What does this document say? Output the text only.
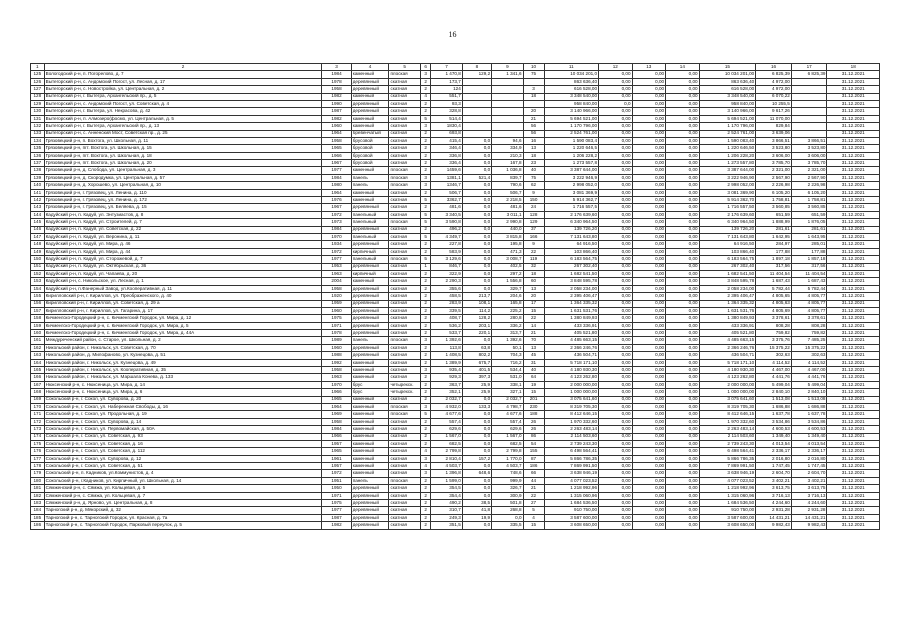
16
1	2	3	4	5	6	7	8	9	10	11	12	13	14	15	16	17	18
125	Вологодский р-н, п. Погорелово, д. 7	1984	каменный	плоская	3	1 470,8	129,2	1 341,6	75	10 034 201,0	0,00	0,00	0,00	10 034 201,00	6 825,39	6 825,39	31.12.2021
126	Вытегорский р-н, с. Андомский Погост, ул. Лесная, д. 17	1978	деревянный	скатная	2	173,7				863 636,40	0,00	0,00	0,00	863 636,40	4 972,00		31.12.2021
127	Вытегорский р-н, с. Новостройка, ул. Центральная, д. 2	1958	деревянный	скатная	2	124			3	616 528,00	0,00	0,00	0,00	616 528,00	4 972,00		31.12.2021
128	Вытегорский р-н, г. Вытегра, Архангельский пр., д. 5	1982	каменный	скатная	4	551,7			18	3 348 540,00	0,00	0,00	0,00	3 348 540,00	6 070,22		31.12.2021
129	Вытегорский р-н, с. Андомский Погост, ул. Советская, д. 4	1990	деревянный	скатная	2	93,3				958 840,00	0,0	0,00	0,00	958 840,00	10 255,5		31.12.2021
130	Вытегорский р-н, г. Вытегра, ул. Некрасова, д. 42	1987	деревянный	скатная	2	328,8			20	3 140 966,00	0,00	0,00	0,00	3 140 966,00	9 617,26		31.12.2021
131	Вытегорский р-н, п. Алмозеро(фосмо, ул. Центральная, д. 5	1982	каменный	скатная	5	514,4			21	5 694 521,00	0,00	0,00	0,00	5 694 521,00	11 070,00		31.12.2021
132	Вытегорский р-н, г. Вытегра, Архангельский пр., д. 13	1960	каменный	скатная	3	1830,4			56	1 170 796,00	0,00	0,00	0,00	1 170 796,00	829,84		31.12.2021
133	Вытегорский р-н, с. Анненский Мост, Советская пр., д. 25	1964	бревенчатый	скатная	2	693,8			56	2 524 761,00	0,00	0,00	0,00	2 524 761,00	3 639,06		31.12.2021
134	Грязовецкий р-н, п. Вохтога, ул. Школьная, д. 11	1958	брусовой	скатная	2	415,4	0,0	94,6	16	1 590 083,4	0,00	0,00	0,00	1 590 083,40	3 866,51	3 866,51	31.12.2021
135	Грязовецкий р-н, пгт. Вохтога, ул. Школьная, д. 15	1965	брусовой	скатная	2	346,4	0,0	334,9	13	1 220 646,5	0,00	0,00	0,00	1 220 646,50	3 523,80	3 523,80	31.12.2021
136	Грязовецкий р-н, пгт. Вохтога, ул. Школьная, д. 18	1966	брусовой	скатная	2	336,8	0,0	210,3	18	1 206 228,2	0,00	0,00	0,00	1 206 228,20	3 606,00	3 606,00	31.12.2021
137	Грязовецкий р-н, пгт. Вохтога, ул. Школьная, д. 20	1967	брусовой	скатная	2	336,4	0,0	167,8	23	1 273 557,8	0,00	0,00	0,00	1 273 557,80	3 785,70	3 785,70	31.12.2021
138	Грязовецкий р-н, д. Слобода, ул. Центральная, д. 3	1977	каменный	плоская	2	1459,6	0,0	1 036,8	40	3 387 644,00	0,00	0,00	0,00	3 387 644,00	2 321,00	2 321,00	31.12.2021
139	Грязовецкий р-н, д. Скородумка, ул. Центральная, д. 57	1984	панель	плоская	3	1381,1	521,4	839,7	75	3 222 946,9	0,00	0,00	0,00	3 222 946,90	2 567,90	2 567,90	31.12.2021
140	Грязовецкий р-н, д. Хорошево, ул. Центральная, д. 10	1980	панель	плоская	3	1346,7	0,0	790,6	62	2 998 052,0	0,00	0,00	0,00	2 998 052,00	2 226,98	2 226,98	31.12.2021
141	Грязовецкий р-н, г. Грязовец, ул. Ленина, д. 110	1964	каменный	скатная	2	506,7	0,0	506,7	9	3 081 369,9	0,00	0,00	0,00	3 081 369,90	6 105,20	6 105,20	31.12.2021
142	Грязовецкий р-н, г. Грязовец, ул. Ленина, д. 172	1976	каменный	скатная	5	3362,7	0,0	2 218,5	150	5 914 362,7	0,00	0,00	0,00	5 914 362,70	1 758,81	1 758,81	31.12.2021
143	Грязовецкий р-н, г. Грязовец, ул. Беляева, д. 15	1967	деревянный	скатная	2	481,6	0,0	481,6	24	1 716 557,5	0,00	0,00	0,00	1 716 557,50	3 560,85	3 560,85	31.12.2021
144	Кадуйский р-н, п. Кадуй, ул. Энтузиастов, д. 8	1972	панельный	скатная	5	3 340,5	0,0	3 011,1	128	2 176 639,60	0,00	0,00	0,00	2 176 639,60	651,59	651,59	31.12.2021
145	Кадуйский р-н, п. Кадуй, ул. Строителей, д. 7	1973	панельный	плоская	5	3 590,8	0,0	2 990,8	129	6 340 964,50	0,00	0,00	0,00	6 340 964,50	1 888,99	1 876,05	31.12.2021
146	Кадуйский р-н, п. Кадуй, ул. Советская, д. 22	1984	деревянный	скатная	2	496,2	0,0	440,0	37	139 726,20	0,00	0,00	0,00	139 726,20	281,61	281,61	31.12.2021
147	Кадуйский р-н, п. Кадуй, ул. Веронина, д. 11	1970	панельный	скатная	5	4 349,7	0,0	3 815,8	166	7 131 643,80	0,00	0,00	0,00	7 131 643,80	1 642,95	1 643,95	31.12.2021
148	Кадуйский р-н, п. Кадуй, ул. Мира, д. 46	1934	деревянный	скатная	2	227,8	0,0	195,8	9	64 916,50	0,00	0,00	0,00	64 916,50	284,97	285,01	31.12.2021
149	Кадуйский р-н, п. Кадуй, ул. Мира, д. 44	1972	кирпичный	скатная	2	583,9	0,0	471,3	22	103 866,40	0,00	0,00	0,00	103 866,40	177,88	177,88	31.12.2021
150	Кадуйский р-н, п. Кадуй, ул. Сторожевой, д. 7	1977	панельный	плоская	5	3 129,6	0,0	3 008,7	119	6 183 564,75	0,00	0,00	0,00	6 183 564,75	1 897,18	1 857,18	31.12.2021
151	Кадуйский р-н, п. Кадуй, ул. Октябрьская, д. 36	1953	деревянный	скатная	1	846,7	0,0	402,5	32	267 302,40	0,00	0,00	0,00	267 302,40	317,56	317,56	31.12.2021
152	Кадуйский р-н, п. Кадуй, ул. Чапаева, д. 20	1963	кирпичный	скатная	2	322,9	0,0	297,2	18	1 682 541,50	0,00	0,00	0,00	1 682 541,50	11 404,54	11 404,54	31.12.2021
153	Кадуйский р-н, с. Никольское, ул. Лесная, д. 1	2004	каменный	скатная	2	2 290,3	0,0	1 556,8	60	3 848 595,78	0,00	0,00	0,00	3 848 595,78	1 687,43	1 687,43	31.12.2021
154	Кадуйский р-н, п.Фанерный Завод, ул.Кооперативная, д. 11	1958	деревянный	скатная	2	355,6	0,0	329,7	13	2 058 234,00	0,00	0,00	0,00	2 058 234,00	5 782,44	5 782,44	31.12.2021
155	Кирилловский р-н, г. Кириллов, ул. Преображенского, д. 40	1920	деревянный	скатная	2	458,5	213,7	204,6	20	2 395 406,47	0,00	0,00	0,00	2 395 406,47	4 805,65	4 805,77	31.12.2021
156	Кирилловский р-н, г. Кириллов, ул. Советская, д. 29 а	1959	деревянный	скатная	2	283,9	108,1	165,8	17	1 364 335,32	0,00	0,00	0,00	1 364 335,32	4 805,63	4 805,77	31.12.2021
157	Кирилловский р-н, г. Кириллов, ул. Гагарина, д. 17	1960	деревянный	скатная	2	339,5	114,2	225,2	15	1 631 531,76	0,00	0,00	0,00	1 631 531,76	4 805,69	4 805,77	31.12.2021
158	Кичменгско-Городецкий р-н, с. Кичменгский Городок, ул. Мира, д. 12	1975	деревянный	скатная	2	408,7	128,2	280,8	22	1 380 849,93	0,00	0,00	0,00	1 380 849,93	3 378,61	3 378,61	31.12.2021
159	Кичменгско-Городецкий р-н, с. Кичменгский Городок, ул. Мира, д. 5	1971	деревянный	скатная	2	536,2	203,1	336,2	14	433 336,91	0,00	0,00	0,00	433 336,91	808,28	808,28	31.12.2021
160	Кичменгско-Городецкий р-н, с. Кичменгский Городок, ул. Мира, д. 44А	1978	деревянный	скатная	2	533,7	220,1	313,7	21	405 521,80	0,00	0,00	0,00	405 521,80	759,82	759,82	31.12.2021
161	Междуреченский район, с. Старое, ул. Школьная, д. 2	1989	панель	плоская	3	1 392,6	0,0	1 392,6	70	4 485 663,15	0,00	0,00	0,00	4 485 663,15	3 375,76	7 485,25	31.12.2021
162	Никольский район, г. Никольск, ул. Советская, д. 70	1960	деревянный	скатная	2	113,8	63,8	50,1	13	2 366 246,76	0,00	0,00	0,00	2 366 246,76	15 375,22	15 375,22	31.12.2021
163	Никольский район, д. Милофаново, ул. Кузнецова, д. 51	1988	деревянный	скатная	2	1 408,5	802,2	704,3	45	436 504,71	0,00	0,00	0,00	436 504,71	302,63	302,63	31.12.2021
164	Никольский район, г. Никольск, ул. Кузнецова, д. 49	1992	каменный	скатная	2	1 389,9	675,7	716,2	31	5 718 171,10	0,00	0,00	0,00	5 718 171,10	4 114,52	4 114,52	31.12.2021
165	Никольский район, г. Никольск, ул. Кооперативная, д. 35	1958	каменный	скатная	3	935,4	401,5	534,4	40	4 180 930,30	0,00	0,00	0,00	4 180 930,30	4 467,00	4 467,00	31.12.2021
166	Никольский район, г. Никольск, ул. Маршала Конева, д. 133	1963	каменный	скатная	2	929,3	397,3	531,0	64	4 123 262,80	0,00	0,00	0,00	4 123 262,80	4 441,76	4 441,76	31.12.2021
167	Нюксенский р-н, с. Нюксеница, ул. Мира, д. 14	1970	брус	четырехск.	2	363,7	25,9	338,1	19	2 000 000,00	0,00	0,00	0,00	2 000 000,00	5 499,04	5 499,04	31.12.2021
168	Нюксенский р-н, с. Нюксеница, ул. Мира, д. 6	1966	брус	четырехск.	2	352,1	25,9	327,1	15	1 000 000,00	0,00	0,00	0,00	1 000 000,00	2 840,10	2 840,10	31.12.2021
169	Сокольский р-н, г. Сокол, ул. Суворова, д. 20	1965	каменный	скатная	2	2 032,7	0,0	2 032,7	201	3 075 641,60	0,00	0,00	0,00	3 075 641,60	1 513,08	1 513,08	31.12.2021
170	Сокольский р-н, г. Сокол, ул. Набережная Свободы, д. 16	1964	каменный	плоская	3	4 932,0	133,3	4 798,7	230	8 319 705,30	0,00	0,00	0,00	8 319 705,30	1 686,88	1 686,88	31.12.2021
171	Сокольский р-н, г. Сокол, ул. Продольная, д. 19	1969	каменный	плоская	5	4 677,6	0,0	4 677,6	188	8 412 646,15	0,00	0,00	0,00	8 412 646,15	1 637,78	1 637,78	31.12.2021
172	Сокольский р-н, г. Сокол, ул. Суворова, д. 14	1958	каменный	скатная	2	557,4	0,0	557,4	26	1 970 332,60	0,00	0,00	0,00	1 970 332,60	3 534,86	3 534,86	31.12.2021
173	Сокольский р-н, г. Сокол, ул. Первомайская, д. 50А	1984	каменный	скатная	2	629,6	0,0	629,6	26	2 263 483,14	0,00	0,00	0,00	2 263 483,14	4 600,53	4 600,53	31.12.2021
174	Сокольский р-н, г. Сокол, ул. Советская, д. 93	1966	каменный	скатная	2	1 567,0	0,0	1 567,0	86	2 114 503,60	0,00	0,00	0,00	2 114 503,60	1 349,40	1 349,40	31.12.2021
175	Сокольский р-н, г. Сокол, ул. Советская, д. 16	1957	каменный	скатная	2	682,5	0,0	682,5	54	2 739 243,30	0,00	0,00	0,00	2 739 243,30	4 013,54	4 013,54	31.12.2021
176	Сокольский р-н, г. Сокол, ул. Советская, д. 112	1965	каменный	скатная	4	2 799,8	0,0	2 799,8	155	6 498 564,41	0,00	0,00	0,00	6 498 564,41	2 336,17	2 336,17	31.12.2021
177	Сокольский р-н, г. Сокол, ул. Суворова, д. 12	1961	каменный	скатная	3	2 810,4	157,2	1 770,0	87	5 866 786,35	0,00	0,00	0,00	5 866 786,35	2 016,80	2 016,80	31.12.2021
178	Сокольский р-н, г. Сокол, ул. Советская, д. 51	1957	каменный	скатная	4	4 503,7	0,0	4 503,7	186	7 869 991,50	0,00	0,00	0,00	7 869 991,50	1 747,45	1 747,45	31.12.2021
179	Сокольский р-н, п. Кадников, ул.Коммунистов, д. 4	1972	каменный	скатная	3	1 396,8	648,6	748,6	66	3 638 946,19	0,00	0,00	0,00	3 638 946,19	2 604,70	2 604,70	31.12.2021
180	Сокольский р-н, г.Кадников, ул. Кирпичный, ул. Школьная, д. 14	1951	панель	плоская	2	1 599,0	0,0	999,9	44	4 077 023,52	0,00	0,00	0,00	4 077 023,52	3 402,21	3 402,21	31.12.2021
181	Сямженский р-н, с. Сямжа, ул. Кольцевая, д. 5	1950	деревянный	скатная	2	354,5	0,0	326,7	21	1 218 992,96	0,00	0,00	0,00	1 218 992,96	3 613,75	3 613,75	31.12.2021
182	Сямженский р-н, с. Сямжа, ул. Кольцевая, д. 7	1971	деревянный	скатная	2	354,4	0,0	300,9	22	1 315 060,96	0,00	0,00	0,00	1 315 060,96	3 716,13	3 716,13	31.12.2021
183	Сямженский р-н, д. Ярново, ул. Центральная, д. 8	1975	деревянный	скатная	2	490,2	38,5	501,8	27	1 684 536,50	0,00	0,00	0,00	1 684 536,50	4 244,60	4 244,60	31.12.2021
184	Тарногский р-н, д. Мякорский, д. 32	1977	деревянный	скатная	2	310,7	41,8	268,8	5	910 750,00	0,00	0,00	0,00	910 750,00	2 931,28	2 931,28	31.12.2021
185	Тарногский р-н, с. Тарногский Городок, ул. Красная, д. 7а	1987	деревянный	скатная	2	249,3	19,9	0,0	4	3 587 600,00	0,00	0,00	0,00	3 587 600,00	14 431,21	14 431,21	31.12.2021
186	Тарногский р-н, с. Тарногский Городок, Парковый переулок, д. 5	1982	деревянный	скатная	2	351,5	0,0	335,5	15	3 608 650,00	0,00	0,00	0,00	3 608 650,00	9 982,43	9 982,43	31.12.2021
